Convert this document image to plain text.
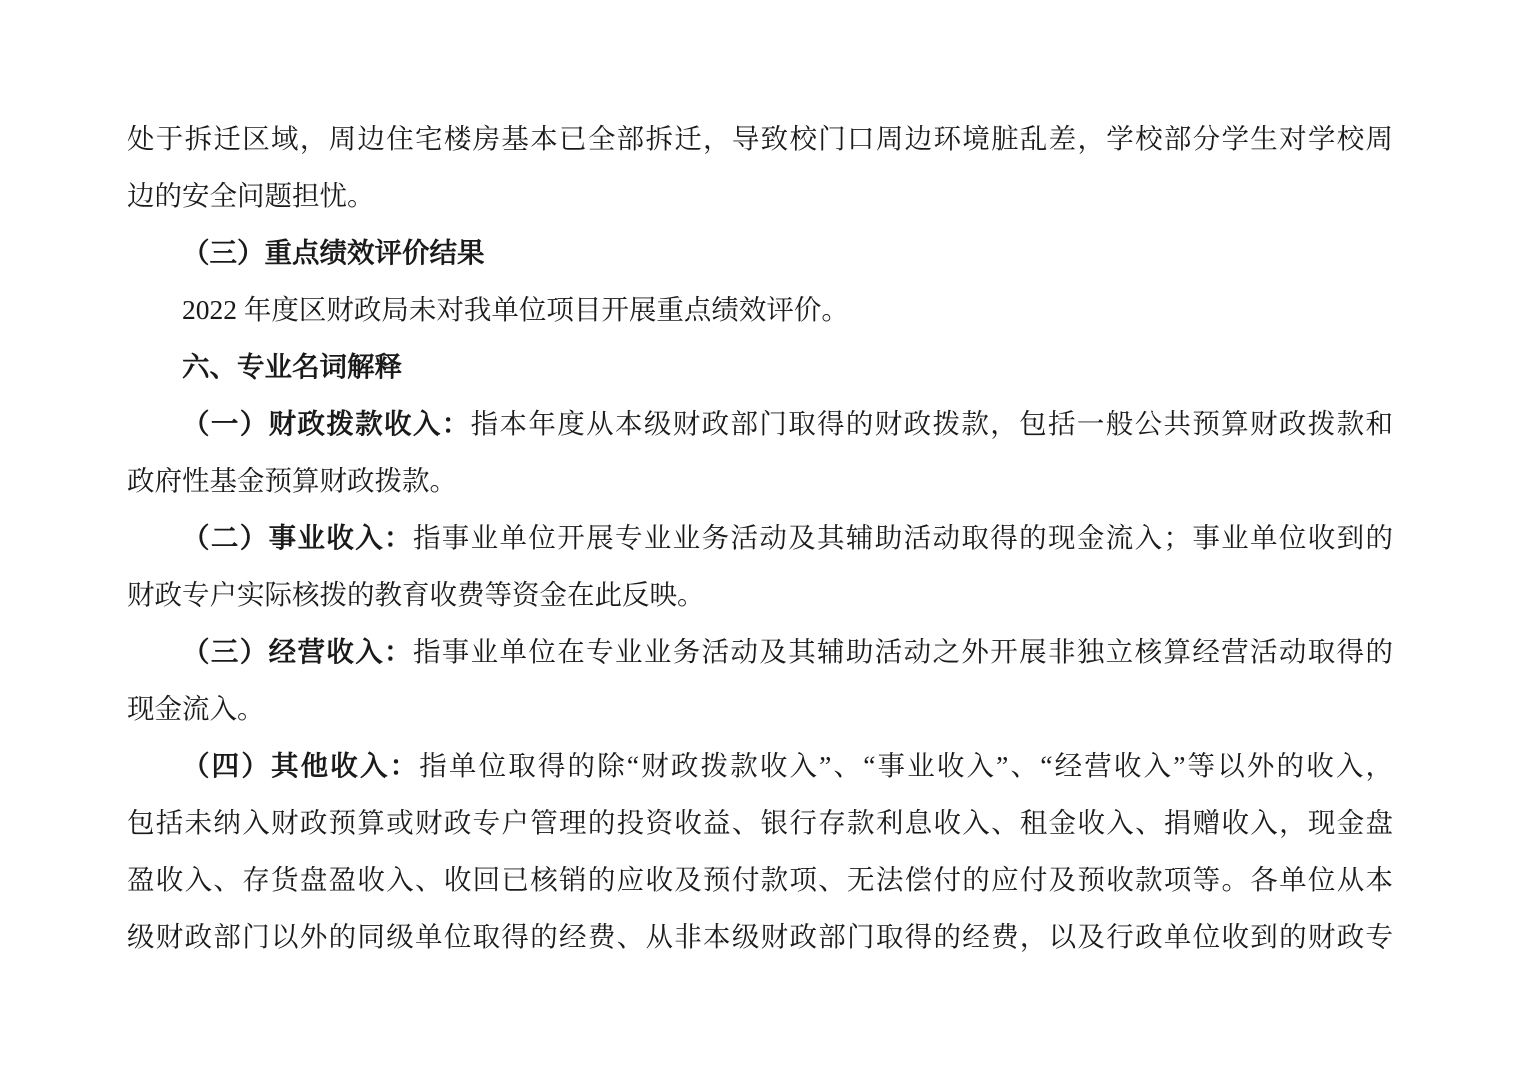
处于拆迁区域，周边住宅楼房基本已全部拆迁，导致校门口周边环境脏乱差，学校部分学生对学校周
边的安全问题担忧。
（三）重点绩效评价结果
2022 年度区财政局未对我单位项目开展重点绩效评价。
六、专业名词解释
（一）财政拨款收入：指本年度从本级财政部门取得的财政拨款，包括一般公共预算财政拨款和
政府性基金预算财政拨款。
（二）事业收入：指事业单位开展专业业务活动及其辅助活动取得的现金流入；事业单位收到的
财政专户实际核拨的教育收费等资金在此反映。
（三）经营收入：指事业单位在专业业务活动及其辅助活动之外开展非独立核算经营活动取得的
现金流入。
（四）其他收入：指单位取得的除“财政拨款收入”、“事业收入”、“经营收入”等以外的收入，
包括未纳入财政预算或财政专户管理的投资收益、银行存款利息收入、租金收入、捐赠收入，现金盘
盈收入、存货盘盈收入、收回已核销的应收及预付款项、无法偿付的应付及预收款项等。各单位从本
级财政部门以外的同级单位取得的经费、从非本级财政部门取得的经费，以及行政单位收到的财政专
